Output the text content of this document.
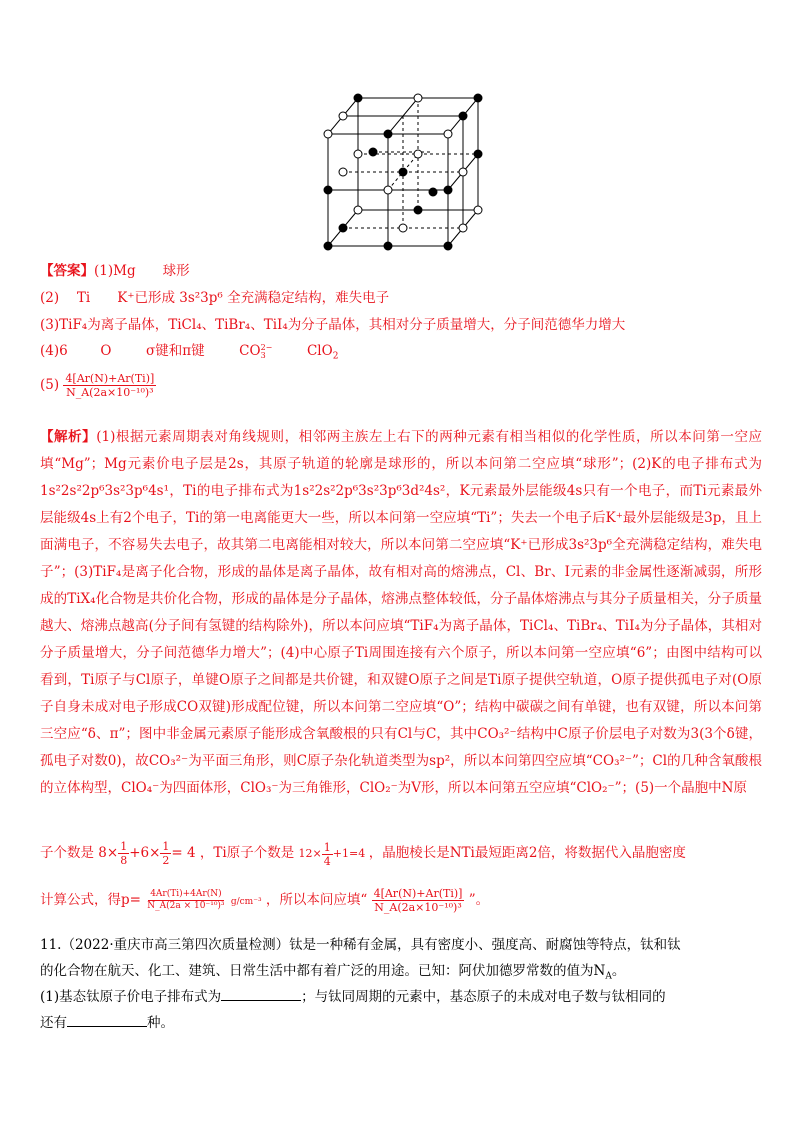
【答案】(1)Mg　　球形
(2)　 Ti　　K⁺已形成 3s²3p⁶ 全充满稳定结构，难失电子
(3)TiF₄为离子晶体，TiCl₄、TiBr₄、TiI₄为分子晶体，其相对分子质量增大，分子间范德华力增大
(4)6 O	σ键和π键	CO 2−
3	ClO$_2$
$(5) \frac{4[Ar(N)+Ar(Ti)]}{\text{N\_A(2a×10⁻¹⁰)³}}$
【解析】(1)根据元素周期表对角线规则，相邻两主族左上右下的两种元素有相当相似的化学性质，所以本问第一空应填“Mg”；Mg元素价电子层是2s，其原子轨道的轮廓是球形的，所以本问第二空应填“球形”；(2)K的电子排布式为1s²2s²2p⁶3s²3p⁶4s¹，Ti的电子排布式为1s²2s²2p⁶3s²3p⁶3d²4s²，K元素最外层能级4s只有一个电子，而Ti元素最外层能级4s上有2个电子，Ti的第一电离能更大一些，所以本问第一空应填“Ti”；失去一个电子后K⁺最外层能级是3p，且上面满电子，不容易失去电子，故其第二电离能相对较大，所以本问第二空应填“K⁺已形成3s²3p⁶全充满稳定结构，难失电子”；(3)TiF₄是离子化合物，形成的晶体是离子晶体，故有相对高的熔沸点，Cl、Br、I元素的非金属性逐渐减弱，所形成的TiX₄化合物是共价化合物，形成的晶体是分子晶体，熔沸点整体较低，分子晶体熔沸点与其分子质量相关，分子质量越大、熔沸点越高(分子间有氢键的结构除外)，所以本问应填“TiF₄为离子晶体，TiCl₄、TiBr₄、TiI₄为分子晶体，其相对分子质量增大，分子间范德华力增大”；(4)中心原子Ti周围连接有六个原子，所以本问第一空应填“6”；由图中结构可以看到，Ti原子与Cl原子，单键O原子之间都是共价键，和双键O原子之间是Ti原子提供空轨道，O原子提供孤电子对(O原子自身未成对电子形成CO双键)形成配位键，所以本问第二空应填“O”；结构中碳碳之间有单键，也有双键，所以本问第三空应“δ、π”；图中非金属元素原子能形成含氧酸根的只有Cl与C，其中CO₃²⁻结构中C原子价层电子对数为3(3个δ键，孤电子对数0)，故CO₃²⁻为平面三角形，则C原子杂化轨道类型为sp²，所以本问第四空应填“CO₃²⁻”；Cl的几种含氧酸根的立体构型，ClO₄⁻为四面体形，ClO₃⁻为三角锥形，ClO₂⁻为V形，所以本问第五空应填“ClO₂⁻”；(5)一个晶胞中N原
子个数是 $8\times \frac{1}{8} +6\times \frac{1}{2} = 4$ ，Ti原子个数是 $12\times \frac{1}{4} +1=4$ ，晶胞棱长是NTi最短距离2倍，将数据代入晶胞密度
计算公式，得$p= \frac{4Ar(Ti)+4Ar(N)}{\text{N\_A(2a × 10⁻¹⁰)³}} g/cm^{-3}$ ，所以本问应填“ $\frac{4[Ar(N)+Ar(Ti)]}{\text{N\_A(2a×10⁻¹⁰)³}}$ ”。
11.（2022·重庆市高三第四次质量检测）钛是一种稀有金属，具有密度小、强度高、耐腐蚀等特点，钛和钛
的化合物在航天、化工、建筑、日常生活中都有着广泛的用途。已知：阿伏加德罗常数的值为$N_A$。
(1)基态钛原子价电子排布式为	；与钛同周期的元素中，基态原子的未成对电子数与钛相同的
还有	种。
